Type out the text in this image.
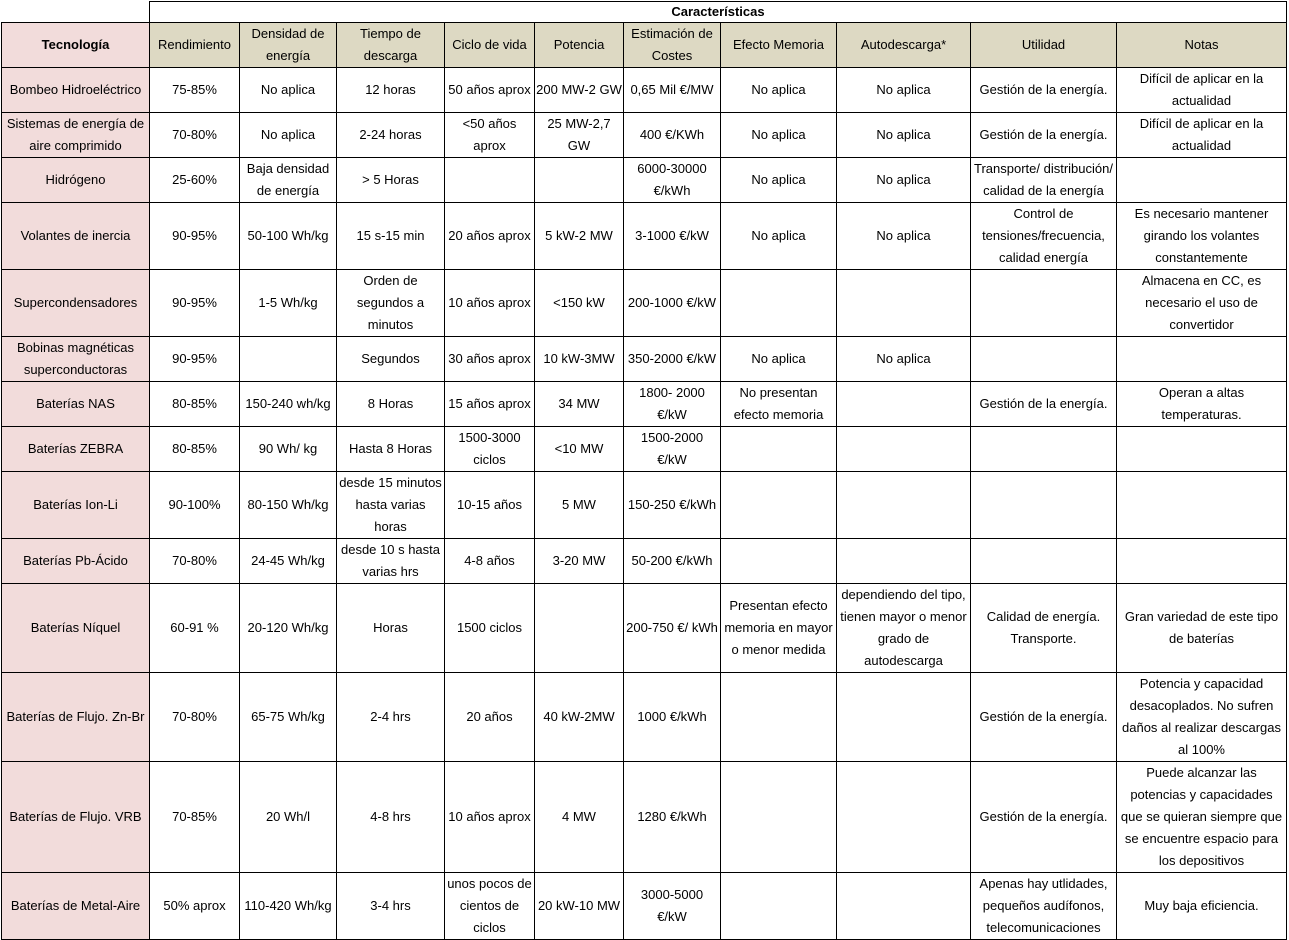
	Características									
Tecnología	Rendimiento	Densidad de energía	Tiempo de descarga	Ciclo de vida	Potencia	Estimación de Costes	Efecto Memoria	Autodescarga*	Utilidad	Notas
Bombeo Hidroeléctrico	75-85%	No aplica	12 horas	50 años aprox	200 MW-2 GW	0,65 Mil €/MW	No aplica	No aplica	Gestión de la energía.	Difícil de aplicar en la actualidad
Sistemas de energía de aire comprimido	70-80%	No aplica	2-24 horas	<50 años aprox	25 MW-2,7 GW	400 €/KWh	No aplica	No aplica	Gestión de la energía.	Difícil de aplicar en la actualidad
Hidrógeno	25-60%	Baja densidad de energía	> 5 Horas			6000-30000 €/kWh	No aplica	No aplica	Transporte/ distribución/ calidad de la energía	
Volantes de inercia	90-95%	50-100 Wh/kg	15 s-15 min	20 años aprox	5 kW-2 MW	3-1000 €/kW	No aplica	No aplica	Control de tensiones/frecuencia, calidad energía	Es necesario mantener girando los volantes constantemente
Supercondensadores	90-95%	1-5 Wh/kg	Orden de segundos a minutos	10 años aprox	<150 kW	200-1000 €/kW				Almacena en CC, es necesario el uso de convertidor
Bobinas magnéticas superconductoras	90-95%		Segundos	30 años aprox	10 kW-3MW	350-2000 €/kW	No aplica	No aplica		
Baterías NAS	80-85%	150-240 wh/kg	8 Horas	15 años aprox	34 MW	1800- 2000 €/kW	No presentan efecto memoria		Gestión de la energía.	Operan a altas temperaturas.
Baterías ZEBRA	80-85%	90 Wh/ kg	Hasta 8 Horas	1500-3000 ciclos	<10 MW	1500-2000 €/kW				
Baterías Ion-Li	90-100%	80-150 Wh/kg	desde 15 minutos hasta varias horas	10-15 años	5 MW	150-250 €/kWh				
Baterías Pb-Ácido	70-80%	24-45 Wh/kg	desde 10 s hasta varias hrs	4-8 años	3-20 MW	50-200 €/kWh				
Baterías Níquel	60-91 %	20-120 Wh/kg	Horas	1500 ciclos		200-750 €/ kWh	Presentan efecto memoria en mayor o menor medida	dependiendo del tipo, tienen mayor o menor grado de autodescarga	Calidad de energía. Transporte.	Gran variedad de este tipo de baterías
Baterías de Flujo. Zn-Br	70-80%	65-75 Wh/kg	2-4 hrs	20 años	40 kW-2MW	1000 €/kWh			Gestión de la energía.	Potencia y capacidad desacoplados. No sufren daños al realizar descargas al 100%
Baterías de Flujo. VRB	70-85%	20 Wh/l	4-8 hrs	10 años aprox	4 MW	1280 €/kWh			Gestión de la energía.	Puede alcanzar las potencias y capacidades que se quieran siempre que se encuentre espacio para los depositivos
Baterías de Metal-Aire	50% aprox	110-420 Wh/kg	3-4 hrs	unos pocos de cientos de ciclos	20 kW-10 MW	3000-5000 €/kW			Apenas hay utlidades, pequeños audífonos, telecomunicaciones	Muy baja eficiencia.
